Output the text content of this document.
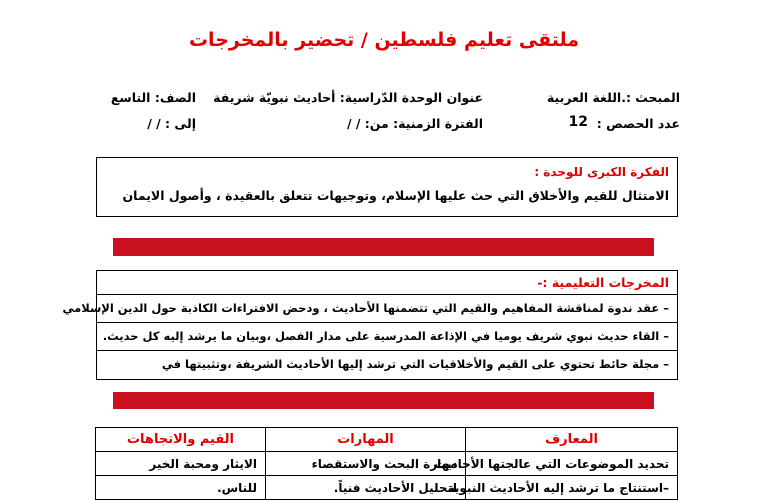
ملتقى تعليم فلسطين / تحضير بالمخرجات
المبحث :.اللغة العربية
عنوان الوحدة الدّراسية: أحاديث نبويّة شريفة
الصف: التاسع
عدد الحصص :
12
الفترة الزمنية: من: / /
إلى : / /
الفكرة الكبرى للوحدة :
الامتثال للقيم والأخلاق التي حث عليها الإسلام، وتوجيهات تتعلق بالعقيدة ، وأصول الايمان
المخرجات التعليمية :-
– عقد ندوة لمناقشة المفاهيم والقيم التي تتضمنها الأحاديث ، ودحض الافتراءات الكاذبة حول الدين الإسلامي
– القاء حديث نبوي شريف يوميا في الإذاعة المدرسية على مدار الفصل ،وبيان ما يرشد إليه كل حديث.
– مجلة حائط تحتوي على القيم والأخلاقيات التي ترشد إليها الأحاديث الشريفة ،وتثبيتها في
المعارف	المهارات	القيم والاتجاهات
تحديد الموضوعات التي عالجتها الأحاديث	مهارة البحث والاستقصاء	الايثار ومحبة الخير
–استنتاج ما ترشد إليه الأحاديث النبوية	لتحليل الأحاديث فنياً.	للناس.
